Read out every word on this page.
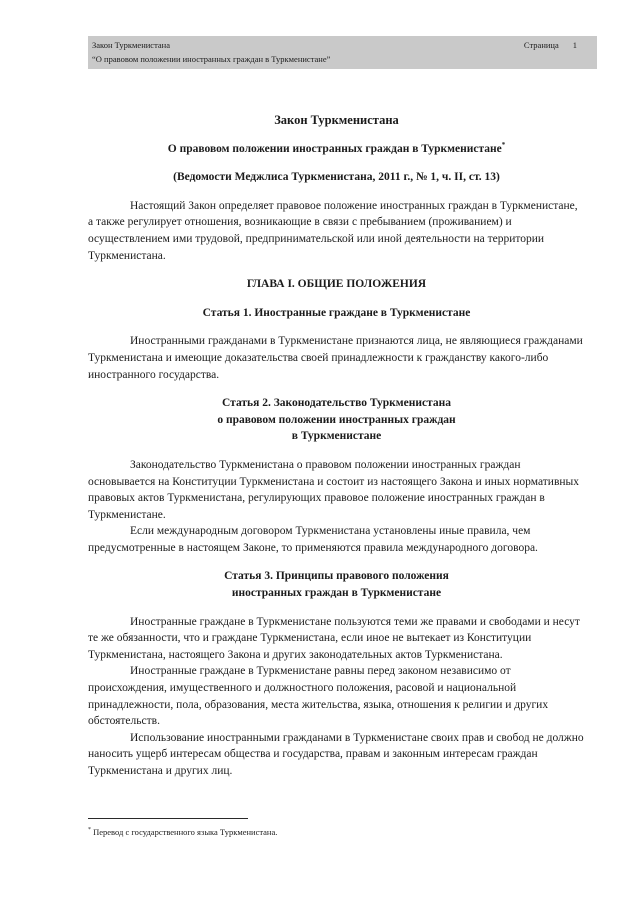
Закон Туркменистана	Страница 1
“О правовом положении иностранных граждан в Туркменистане”
Закон Туркменистана
О правовом положении иностранных граждан в Туркменистане*
(Ведомости Меджлиса Туркменистана, 2011 г., № 1, ч. II, ст. 13)

Настоящий Закон определяет правовое положение иностранных граждан в Туркменистане, а также регулирует отношения, возникающие в связи с пребыванием (проживанием) и осуществлением ими трудовой, предпринимательской или иной деятельности на территории Туркменистана.

ГЛАВА I. ОБЩИЕ ПОЛОЖЕНИЯ
Статья 1. Иностранные граждане в Туркменистане

Иностранными гражданами в Туркменистане признаются лица, не являющиеся гражданами Туркменистана и имеющие доказательства своей принадлежности к гражданству какого-либо иностранного государства.

Статья 2. Законодательство Туркменистана
о правовом положении иностранных граждан
в Туркменистане

Законодательство Туркменистана о правовом положении иностранных граждан основывается на Конституции Туркменистана и состоит из настоящего Закона и иных нормативных правовых актов Туркменистана, регулирующих правовое положение иностранных граждан в Туркменистане.

Если международным договором Туркменистана установлены иные правила, чем предусмотренные в настоящем Законе, то применяются правила международного договора.

Статья 3. Принципы правового положения
иностранных граждан в Туркменистане

Иностранные граждане в Туркменистане пользуются теми же правами и свободами и несут те же обязанности, что и граждане Туркменистана, если иное не вытекает из Конституции Туркменистана, настоящего Закона и других законодательных актов Туркменистана.

Иностранные граждане в Туркменистане равны перед законом независимо от происхождения, имущественного и должностного положения, расовой и национальной принадлежности, пола, образования, места жительства, языка, отношения к религии и других обстоятельств.

Использование иностранными гражданами в Туркменистане своих прав и свобод не должно наносить ущерб интересам общества и государства, правам и законным интересам граждан Туркменистана и других лиц.

* Перевод с государственного языка Туркменистана.
